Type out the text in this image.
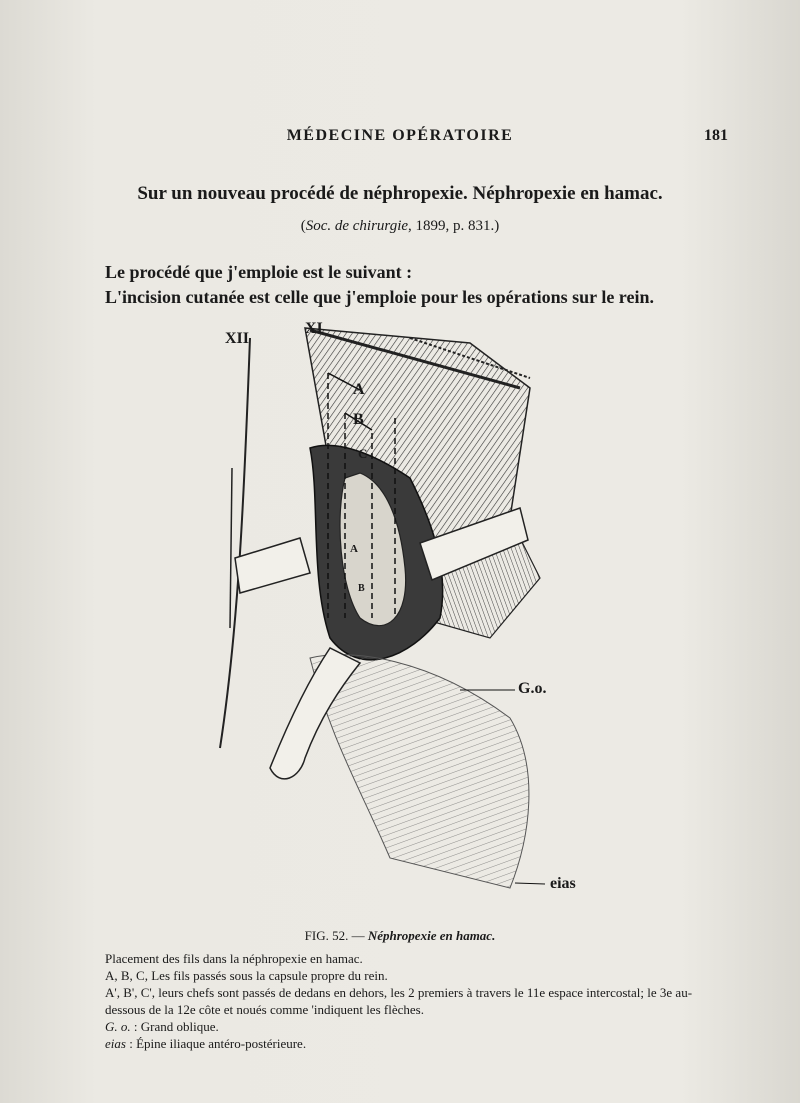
MÉDECINE OPÉRATOIRE	181
Sur un nouveau procédé de néphropexie. Néphropexie en hamac.
(Soc. de chirurgie, 1899, p. 831.)
Le procédé que j'emploie est le suivant :
L'incision cutanée est celle que j'emploie pour les opérations sur le rein.
XII
XI
A
B
C
A
B
G.o.
eias
FIG. 52. — Néphropexie en hamac.
Placement des fils dans la néphropexie en hamac.
A, B, C, Les fils passés sous la capsule propre du rein.
A', B', C', leurs chefs sont passés de dedans en dehors, les 2 premiers à travers le 11e espace intercostal; le 3e au-dessous de la 12e côte et noués comme 'indiquent les flèches.
G. o. : Grand oblique.
eias : Épine iliaque antéro-postérieure.
